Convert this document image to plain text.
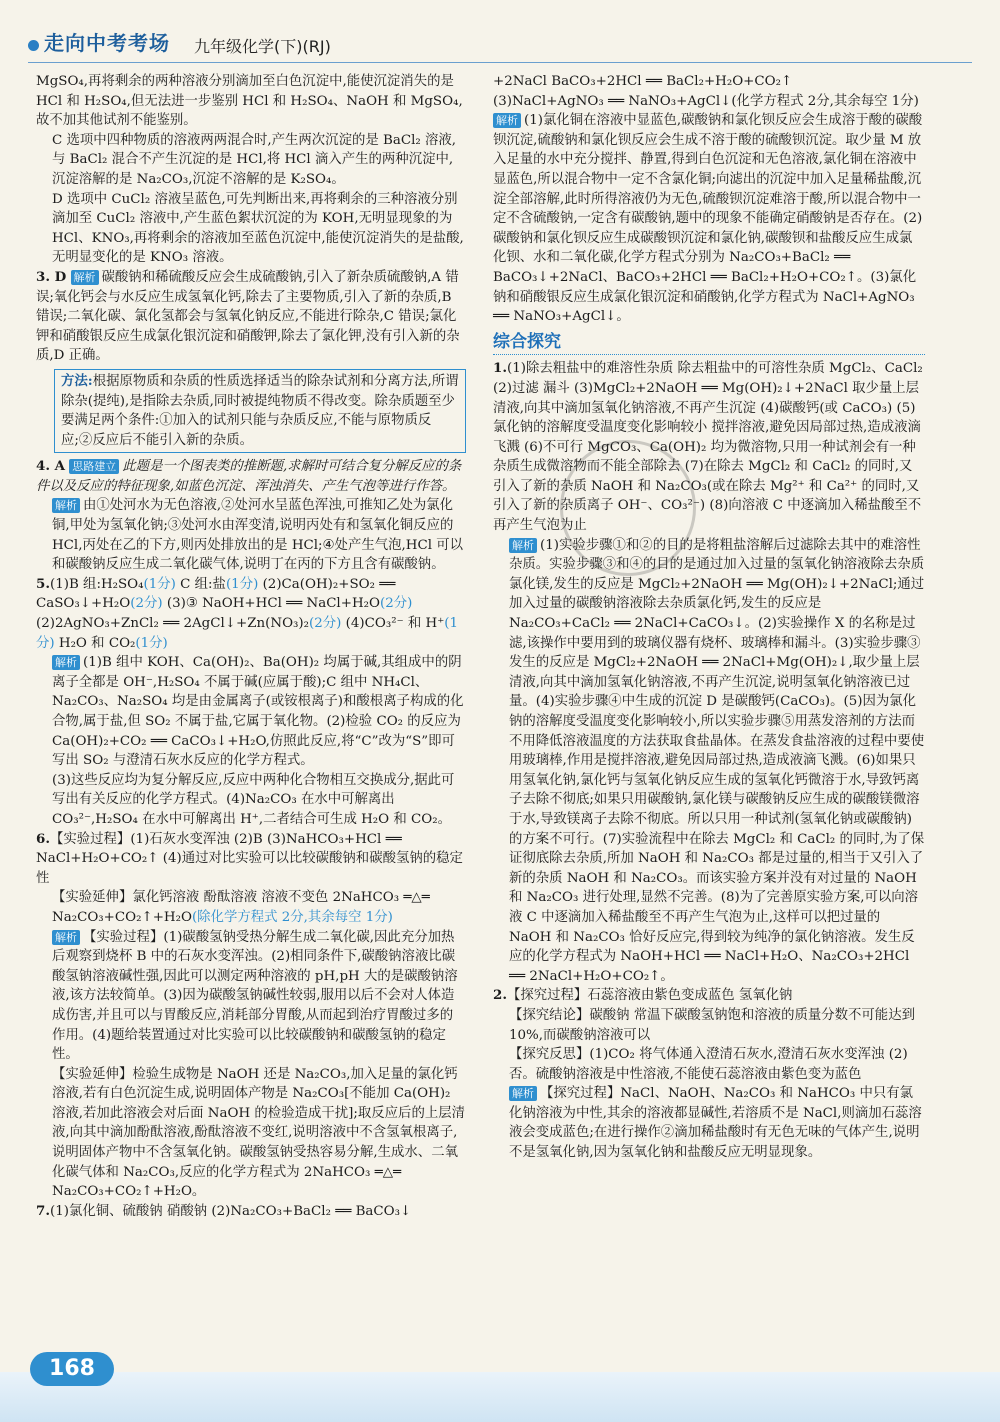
走向中考考场 九年级化学(下)(RJ)

MgSO₄,再将剩余的两种溶液分别滴加至白色沉淀中,能使沉淀消失的是 HCl 和 H₂SO₄,但无法进一步鉴别 HCl 和 H₂SO₄、NaOH 和 MgSO₄,故不加其他试剂不能鉴别。

C 选项中四种物质的溶液两两混合时,产生两次沉淀的是 BaCl₂ 溶液,与 BaCl₂ 混合不产生沉淀的是 HCl,将 HCl 滴入产生的两种沉淀中,沉淀溶解的是 Na₂CO₃,沉淀不溶解的是 K₂SO₄。

D 选项中 CuCl₂ 溶液呈蓝色,可先判断出来,再将剩余的三种溶液分别滴加至 CuCl₂ 溶液中,产生蓝色絮状沉淀的为 KOH,无明显现象的为 HCl、KNO₃,再将剩余的溶液加至蓝色沉淀中,能使沉淀消失的是盐酸,无明显变化的是 KNO₃ 溶液。

3. D 解析 碳酸钠和稀硫酸反应会生成硫酸钠,引入了新杂质硫酸钠,A 错误;氧化钙会与水反应生成氢氧化钙,除去了主要物质,引入了新的杂质,B 错误;二氧化碳、氯化氢都会与氢氧化钠反应,不能进行除杂,C 错误;氯化钾和硝酸银反应生成氯化银沉淀和硝酸钾,除去了氯化钾,没有引入新的杂质,D 正确。

方法:根据原物质和杂质的性质选择适当的除杂试剂和分离方法,所谓除杂(提纯),是指除去杂质,同时被提纯物质不得改变。除杂质题至少要满足两个条件:①加入的试剂只能与杂质反应,不能与原物质反应;②反应后不能引入新的杂质。

4. A 思路建立 此题是一个图表类的推断题,求解时可结合复分解反应的条件以及反应的特征现象,如蓝色沉淀、浑浊消失、产生气泡等进行作答。

解析 由①处河水为无色溶液,②处河水呈蓝色浑浊,可推知乙处为氯化铜,甲处为氢氧化钠;③处河水由浑变清,说明丙处有和氢氧化铜反应的 HCl,丙处在乙的下方,则丙处排放出的是 HCl;④处产生气泡,HCl 可以和碳酸钠反应生成二氧化碳气体,说明丁在丙的下方且含有碳酸钠。

5.(1)B 组:H₂SO₄(1分) C 组:盐(1分) (2)Ca(OH)₂+SO₂ ══ CaSO₃↓+H₂O(2分) (3)③ NaOH+HCl ══ NaCl+H₂O(2分) (2)2AgNO₃+ZnCl₂ ══ 2AgCl↓+Zn(NO₃)₂(2分) (4)CO₃²⁻ 和 H⁺(1分) H₂O 和 CO₂(1分)

解析 (1)B 组中 KOH、Ca(OH)₂、Ba(OH)₂ 均属于碱,其组成中的阴离子全都是 OH⁻,H₂SO₄ 不属于碱(应属于酸);C 组中 NH₄Cl、Na₂CO₃、Na₂SO₄ 均是由金属离子(或铵根离子)和酸根离子构成的化合物,属于盐,但 SO₂ 不属于盐,它属于氧化物。(2)检验 CO₂ 的反应为 Ca(OH)₂+CO₂ ══ CaCO₃↓+H₂O,仿照此反应,将“C”改为“S”即可写出 SO₂ 与澄清石灰水反应的化学方程式。

(3)这些反应均为复分解反应,反应中两种化合物相互交换成分,据此可写出有关反应的化学方程式。(4)Na₂CO₃ 在水中可解离出 CO₃²⁻,H₂SO₄ 在水中可解离出 H⁺,二者结合可生成 H₂O 和 CO₂。

6.【实验过程】(1)石灰水变浑浊 (2)B (3)NaHCO₃+HCl ══ NaCl+H₂O+CO₂↑ (4)通过对比实验可以比较碳酸钠和碳酸氢钠的稳定性

【实验延伸】氯化钙溶液 酚酞溶液 溶液不变色 2NaHCO₃ ═△═ Na₂CO₃+CO₂↑+H₂O(除化学方程式 2分,其余每空 1分)

解析 【实验过程】(1)碳酸氢钠受热分解生成二氧化碳,因此充分加热后观察到烧杯 B 中的石灰水变浑浊。(2)相同条件下,碳酸钠溶液比碳酸氢钠溶液碱性强,因此可以测定两种溶液的 pH,pH 大的是碳酸钠溶液,该方法较简单。(3)因为碳酸氢钠碱性较弱,服用以后不会对人体造成伤害,并且可以与胃酸反应,消耗部分胃酸,从而起到治疗胃酸过多的作用。(4)题给装置通过对比实验可以比较碳酸钠和碳酸氢钠的稳定性。

【实验延伸】检验生成物是 NaOH 还是 Na₂CO₃,加入足量的氯化钙溶液,若有白色沉淀生成,说明固体产物是 Na₂CO₃[不能加 Ca(OH)₂ 溶液,若加此溶液会对后面 NaOH 的检验造成干扰];取反应后的上层清液,向其中滴加酚酞溶液,酚酞溶液不变红,说明溶液中不含氢氧根离子,说明固体产物中不含氢氧化钠。碳酸氢钠受热容易分解,生成水、二氧化碳气体和 Na₂CO₃,反应的化学方程式为 2NaHCO₃ ═△═ Na₂CO₃+CO₂↑+H₂O。

7.(1)氯化铜、硫酸钠 硝酸钠 (2)Na₂CO₃+BaCl₂ ══ BaCO₃↓

+2NaCl BaCO₃+2HCl ══ BaCl₂+H₂O+CO₂↑

(3)NaCl+AgNO₃ ══ NaNO₃+AgCl↓(化学方程式 2分,其余每空 1分)

解析 (1)氯化铜在溶液中显蓝色,碳酸钠和氯化钡反应会生成溶于酸的碳酸钡沉淀,硫酸钠和氯化钡反应会生成不溶于酸的硫酸钡沉淀。取少量 M 放入足量的水中充分搅拌、静置,得到白色沉淀和无色溶液,氯化铜在溶液中显蓝色,所以混合物中一定不含氯化铜;向滤出的沉淀中加入足量稀盐酸,沉淀全部溶解,此时所得溶液仍为无色,硫酸钡沉淀难溶于酸,所以混合物中一定不含硫酸钠,一定含有碳酸钠,题中的现象不能确定硝酸钠是否存在。(2)碳酸钠和氯化钡反应生成碳酸钡沉淀和氯化钠,碳酸钡和盐酸反应生成氯化钡、水和二氧化碳,化学方程式分别为 Na₂CO₃+BaCl₂ ══ BaCO₃↓+2NaCl、BaCO₃+2HCl ══ BaCl₂+H₂O+CO₂↑。(3)氯化钠和硝酸银反应生成氯化银沉淀和硝酸钠,化学方程式为 NaCl+AgNO₃ ══ NaNO₃+AgCl↓。

综合探究

1.(1)除去粗盐中的难溶性杂质 除去粗盐中的可溶性杂质 MgCl₂、CaCl₂ (2)过滤 漏斗 (3)MgCl₂+2NaOH ══ Mg(OH)₂↓+2NaCl 取少量上层清液,向其中滴加氢氧化钠溶液,不再产生沉淀 (4)碳酸钙(或 CaCO₃) (5)氯化钠的溶解度受温度变化影响较小 搅拌溶液,避免因局部过热,造成液滴飞溅 (6)不可行 MgCO₃、Ca(OH)₂ 均为微溶物,只用一种试剂会有一种杂质生成微溶物而不能全部除去 (7)在除去 MgCl₂ 和 CaCl₂ 的同时,又引入了新的杂质 NaOH 和 Na₂CO₃(或在除去 Mg²⁺ 和 Ca²⁺ 的同时,又引入了新的杂质离子 OH⁻、CO₃²⁻) (8)向溶液 C 中逐滴加入稀盐酸至不再产生气泡为止

解析 (1)实验步骤①和②的目的是将粗盐溶解后过滤除去其中的难溶性杂质。实验步骤③和④的目的是通过加入过量的氢氧化钠溶液除去杂质氯化镁,发生的反应是 MgCl₂+2NaOH ══ Mg(OH)₂↓+2NaCl;通过加入过量的碳酸钠溶液除去杂质氯化钙,发生的反应是 Na₂CO₃+CaCl₂ ══ 2NaCl+CaCO₃↓。(2)实验操作 X 的名称是过滤,该操作中要用到的玻璃仪器有烧杯、玻璃棒和漏斗。(3)实验步骤③发生的反应是 MgCl₂+2NaOH ══ 2NaCl+Mg(OH)₂↓,取少量上层清液,向其中滴加氢氧化钠溶液,不再产生沉淀,说明氢氧化钠溶液已过量。(4)实验步骤④中生成的沉淀 D 是碳酸钙(CaCO₃)。(5)因为氯化钠的溶解度受温度变化影响较小,所以实验步骤⑤用蒸发溶剂的方法而不用降低溶液温度的方法获取食盐晶体。在蒸发食盐溶液的过程中要使用玻璃棒,作用是搅拌溶液,避免因局部过热,造成液滴飞溅。(6)如果只用氢氧化钠,氯化钙与氢氧化钠反应生成的氢氧化钙微溶于水,导致钙离子去除不彻底;如果只用碳酸钠,氯化镁与碳酸钠反应生成的碳酸镁微溶于水,导致镁离子去除不彻底。所以只用一种试剂(氢氧化钠或碳酸钠)的方案不可行。(7)实验流程中在除去 MgCl₂ 和 CaCl₂ 的同时,为了保证彻底除去杂质,所加 NaOH 和 Na₂CO₃ 都是过量的,相当于又引入了新的杂质 NaOH 和 Na₂CO₃。而该实验方案并没有对过量的 NaOH 和 Na₂CO₃ 进行处理,显然不完善。(8)为了完善原实验方案,可以向溶液 C 中逐滴加入稀盐酸至不再产生气泡为止,这样可以把过量的 NaOH 和 Na₂CO₃ 恰好反应完,得到较为纯净的氯化钠溶液。发生反应的化学方程式为 NaOH+HCl ══ NaCl+H₂O、Na₂CO₃+2HCl ══ 2NaCl+H₂O+CO₂↑。

2.【探究过程】石蕊溶液由紫色变成蓝色 氢氧化钠

【探究结论】碳酸钠 常温下碳酸氢钠饱和溶液的质量分数不可能达到 10%,而碳酸钠溶液可以

【探究反思】(1)CO₂ 将气体通入澄清石灰水,澄清石灰水变浑浊 (2)否。硫酸钠溶液是中性溶液,不能使石蕊溶液由紫色变为蓝色

解析 【探究过程】NaCl、NaOH、Na₂CO₃ 和 NaHCO₃ 中只有氯化钠溶液为中性,其余的溶液都显碱性,若溶质不是 NaCl,则滴加石蕊溶液会变成蓝色;在进行操作②滴加稀盐酸时有无色无味的气体产生,说明不是氢氧化钠,因为氢氧化钠和盐酸反应无明显现象。

168
